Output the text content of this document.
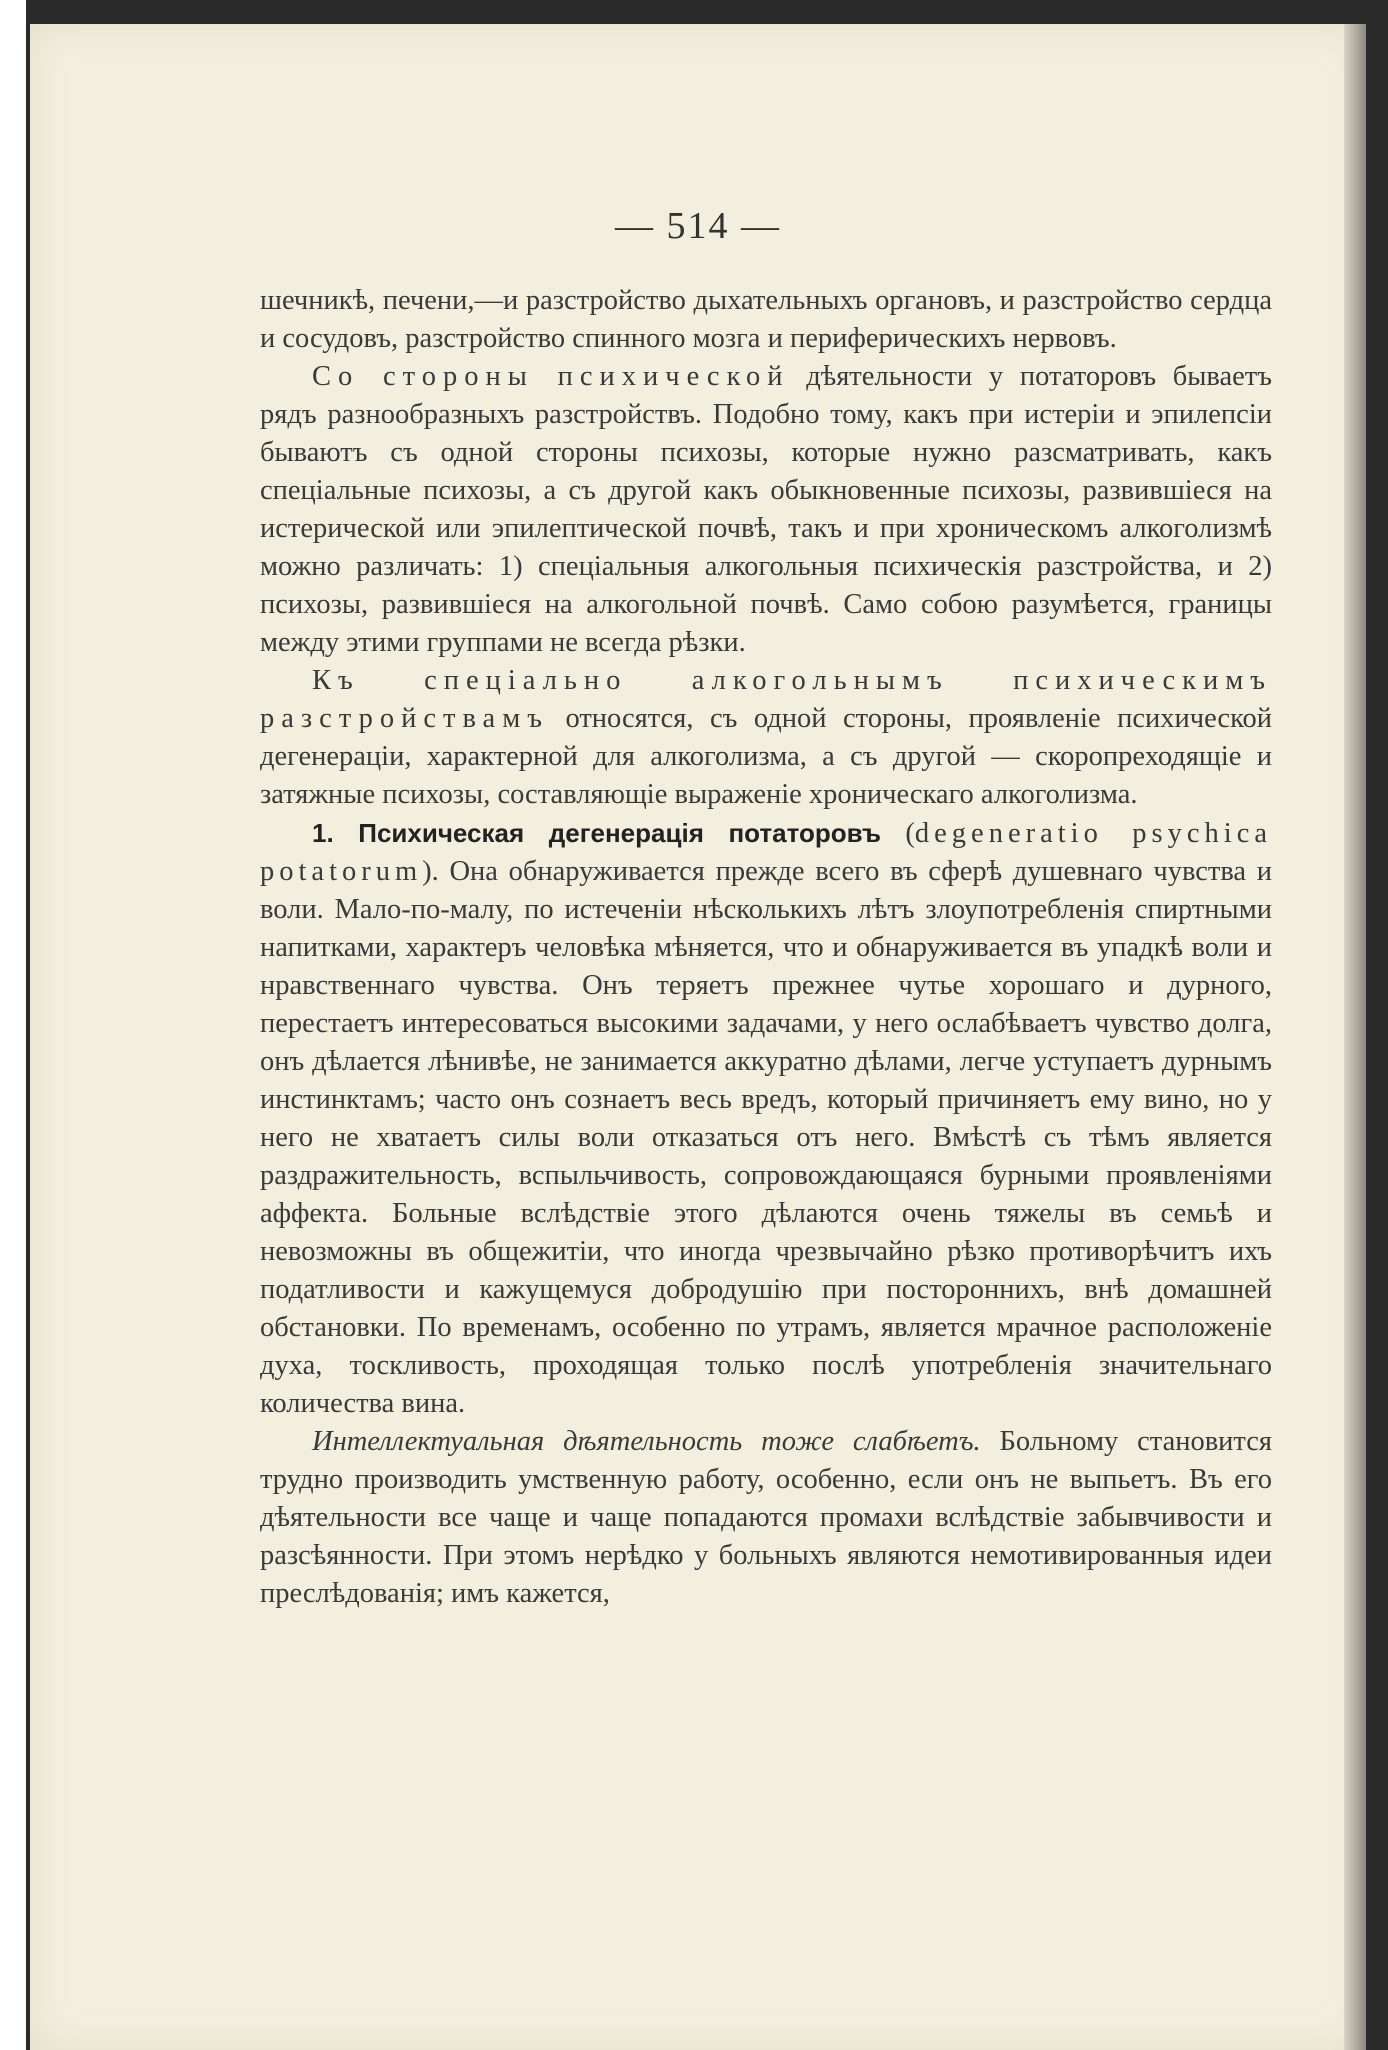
— 514 —

шечникѣ, печени,—и разстройство дыхательныхъ органовъ, и разстройство сердца и сосудовъ, разстройство спинного мозга и периферическихъ нервовъ.

Со стороны психической дѣятельности у потаторовъ бываетъ рядъ разнообразныхъ разстройствъ. Подобно тому, какъ при истеріи и эпилепсіи бываютъ съ одной стороны психозы, которые нужно разсматривать, какъ спеціальные психозы, а съ другой какъ обыкновенные психозы, развившіеся на истерической или эпилептической почвѣ, такъ и при хроническомъ алкоголизмѣ можно различать: 1) спеціальныя алкогольныя психическія разстройства, и 2) психозы, развившіеся на алкогольной почвѣ. Само собою разумѣется, границы между этими группами не всегда рѣзки.

Къ спеціально алкогольнымъ психическимъ разстройствамъ относятся, съ одной стороны, проявленіе психической дегенераціи, характерной для алкоголизма, а съ другой — скоропреходящіе и затяжные психозы, составляющіе выраженіе хроническаго алкоголизма.

1. Психическая дегенерація потаторовъ (degeneratio psychica potatorum). Она обнаруживается прежде всего въ сферѣ душевнаго чувства и воли. Мало-по-малу, по истеченіи нѣсколькихъ лѣтъ злоупотребленія спиртными напитками, характеръ человѣка мѣняется, что и обнаруживается въ упадкѣ воли и нравственнаго чувства. Онъ теряетъ прежнее чутье хорошаго и дурного, перестаетъ интересоваться высокими задачами, у него ослабѣваетъ чувство долга, онъ дѣлается лѣнивѣе, не занимается аккуратно дѣлами, легче уступаетъ дурнымъ инстинктамъ; часто онъ сознаетъ весь вредъ, который причиняетъ ему вино, но у него не хватаетъ силы воли отказаться отъ него. Вмѣстѣ съ тѣмъ является раздражительность, вспыльчивость, сопровождающаяся бурными проявленіями аффекта. Больные вслѣдствіе этого дѣлаются очень тяжелы въ семьѣ и невозможны въ общежитіи, что иногда чрезвычайно рѣзко противорѣчитъ ихъ податливости и кажущемуся добродушію при постороннихъ, внѣ домашней обстановки. По временамъ, особенно по утрамъ, является мрачное расположеніе духа, тоскливость, проходящая только послѣ употребленія значительнаго количества вина.

Интеллектуальная дѣятельность тоже слабѣетъ. Больному становится трудно производить умственную работу, особенно, если онъ не выпьетъ. Въ его дѣятельности все чаще и чаще попадаются промахи вслѣдствіе забывчивости и разсѣянности. При этомъ нерѣдко у больныхъ являются немотивированныя идеи преслѣдованія; имъ кажется,
